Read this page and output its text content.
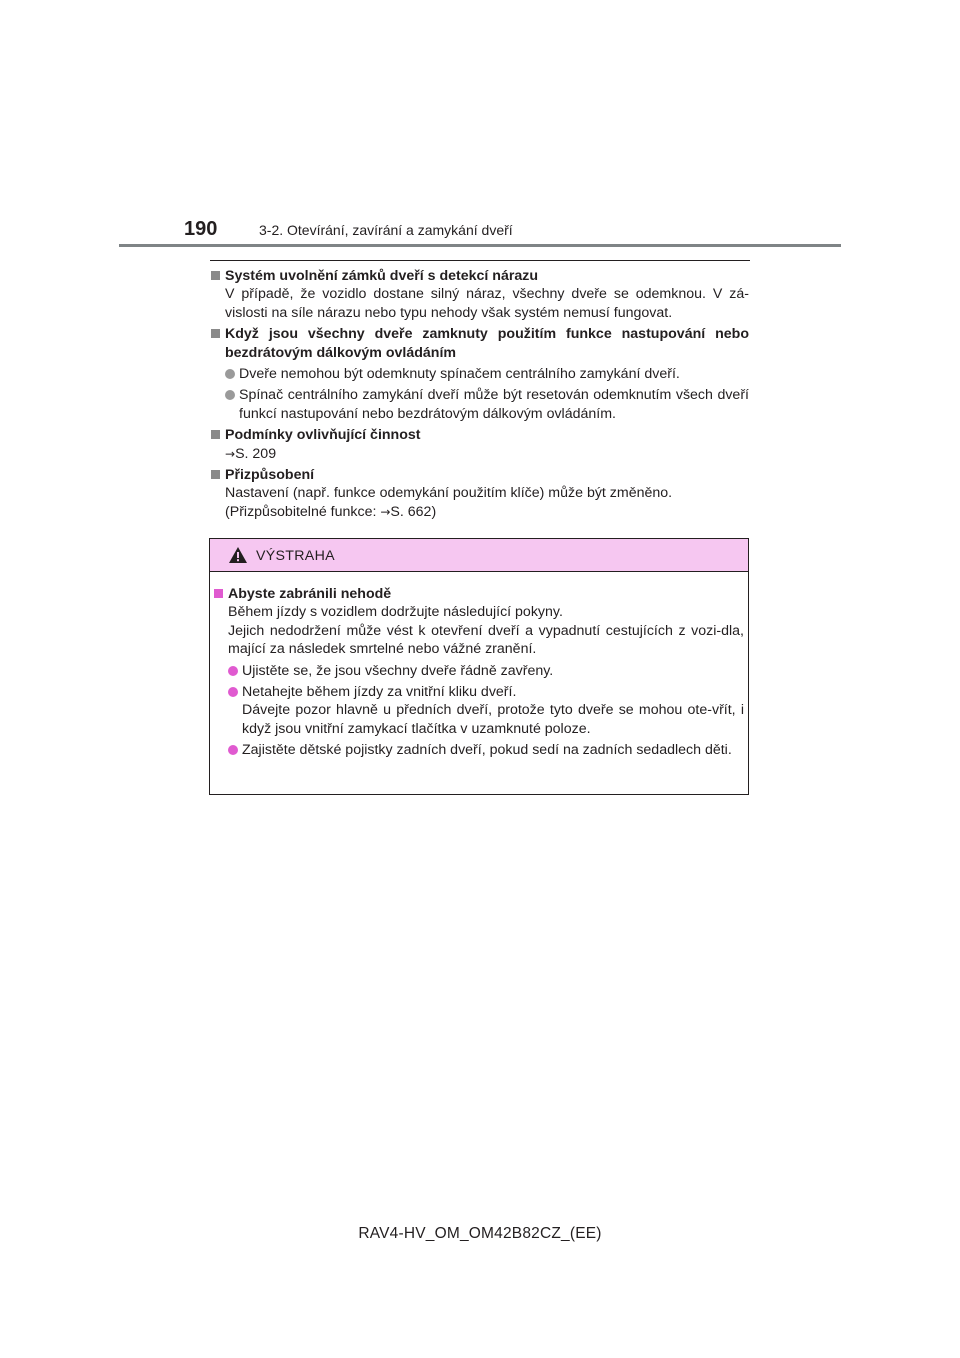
190	3-2. Otevírání, zavírání a zamykání dveří
Systém uvolnění zámků dveří s detekcí nárazu
V případě, že vozidlo dostane silný náraz, všechny dveře se odemknou. V zá-vislosti na síle nárazu nebo typu nehody však systém nemusí fungovat.
Když jsou všechny dveře zamknuty použitím funkce nastupování nebo bezdrátovým dálkovým ovládáním
Dveře nemohou být odemknuty spínačem centrálního zamykání dveří.
Spínač centrálního zamykání dveří může být resetován odemknutím všech dveří funkcí nastupování nebo bezdrátovým dálkovým ovládáním.
Podmínky ovlivňující činnost
→S. 209
Přizpůsobení
Nastavení (např. funkce odemykání použitím klíče) může být změněno.
(Přizpůsobitelné funkce: →S. 662)
VÝSTRAHA
Abyste zabránili nehodě
Během jízdy s vozidlem dodržujte následující pokyny.
Jejich nedodržení může vést k otevření dveří a vypadnutí cestujících z vozi-dla, mající za následek smrtelné nebo vážné zranění.
Ujistěte se, že jsou všechny dveře řádně zavřeny.
Netahejte během jízdy za vnitřní kliku dveří.
Dávejte pozor hlavně u předních dveří, protože tyto dveře se mohou ote-vřít, i když jsou vnitřní zamykací tlačítka v uzamknuté poloze.
Zajistěte dětské pojistky zadních dveří, pokud sedí na zadních sedadlech děti.
RAV4-HV_OM_OM42B82CZ_(EE)
